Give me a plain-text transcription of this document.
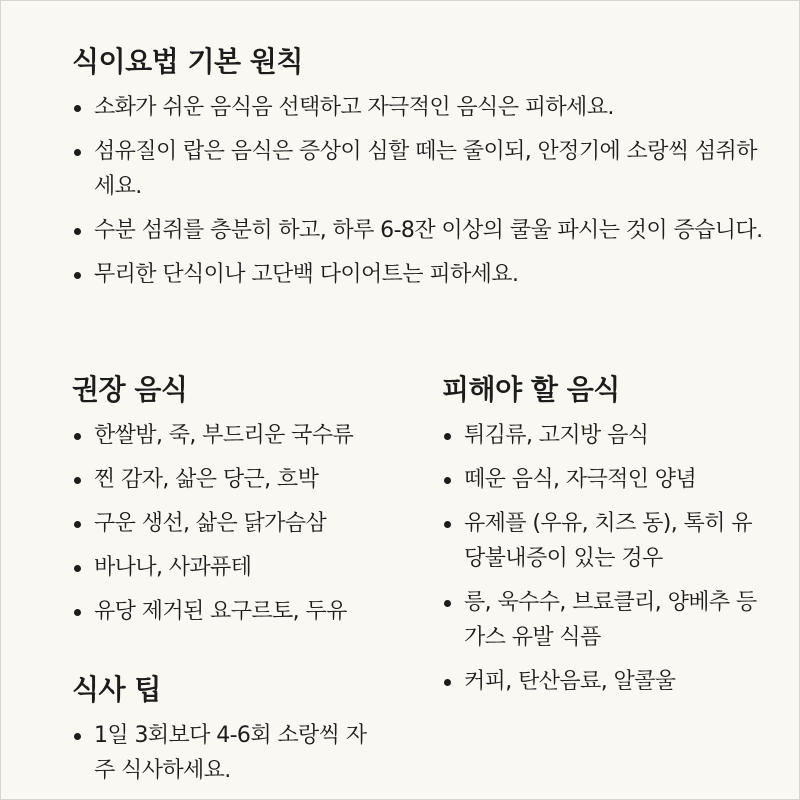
식이요법 기본 원칙
소화가 쉬운 음식음 선택하고 자극적인 음식은 피하세요.
섬유질이 랍은 음식은 증상이 심할 떼는 줄이되, 안정기에 소랑씩 섬쥐하세요.
수분 섬쥐를 층분히 하고, 하루 6-8잔 이상의 쿨울 파시는 것이 증습니다.
무리한 단식이나 고단백 다이어트는 피하세요.
권장 음식
한쌀밤, 죽, 부드리운 국수류
찐 감자, 삶은 당근, 흐박
구운 생선, 삶은 닭가슴삼
바나나, 사과퓨테
유당 제거된 요구르토, 두유
피해야 할 음식
튀김류, 고지방 음식
떼운 음식, 자극적인 양념
유제플 (우유, 치즈 동), 톡히 유당불내증이 있는 겅우
릉, 욱수수, 브료클리, 양베추 등 가스 유발 식픔
커피, 탄산음료, 알콜울
식사 팁
1일 3회보다 4-6회 소랑씩 자주 식사하세요.
